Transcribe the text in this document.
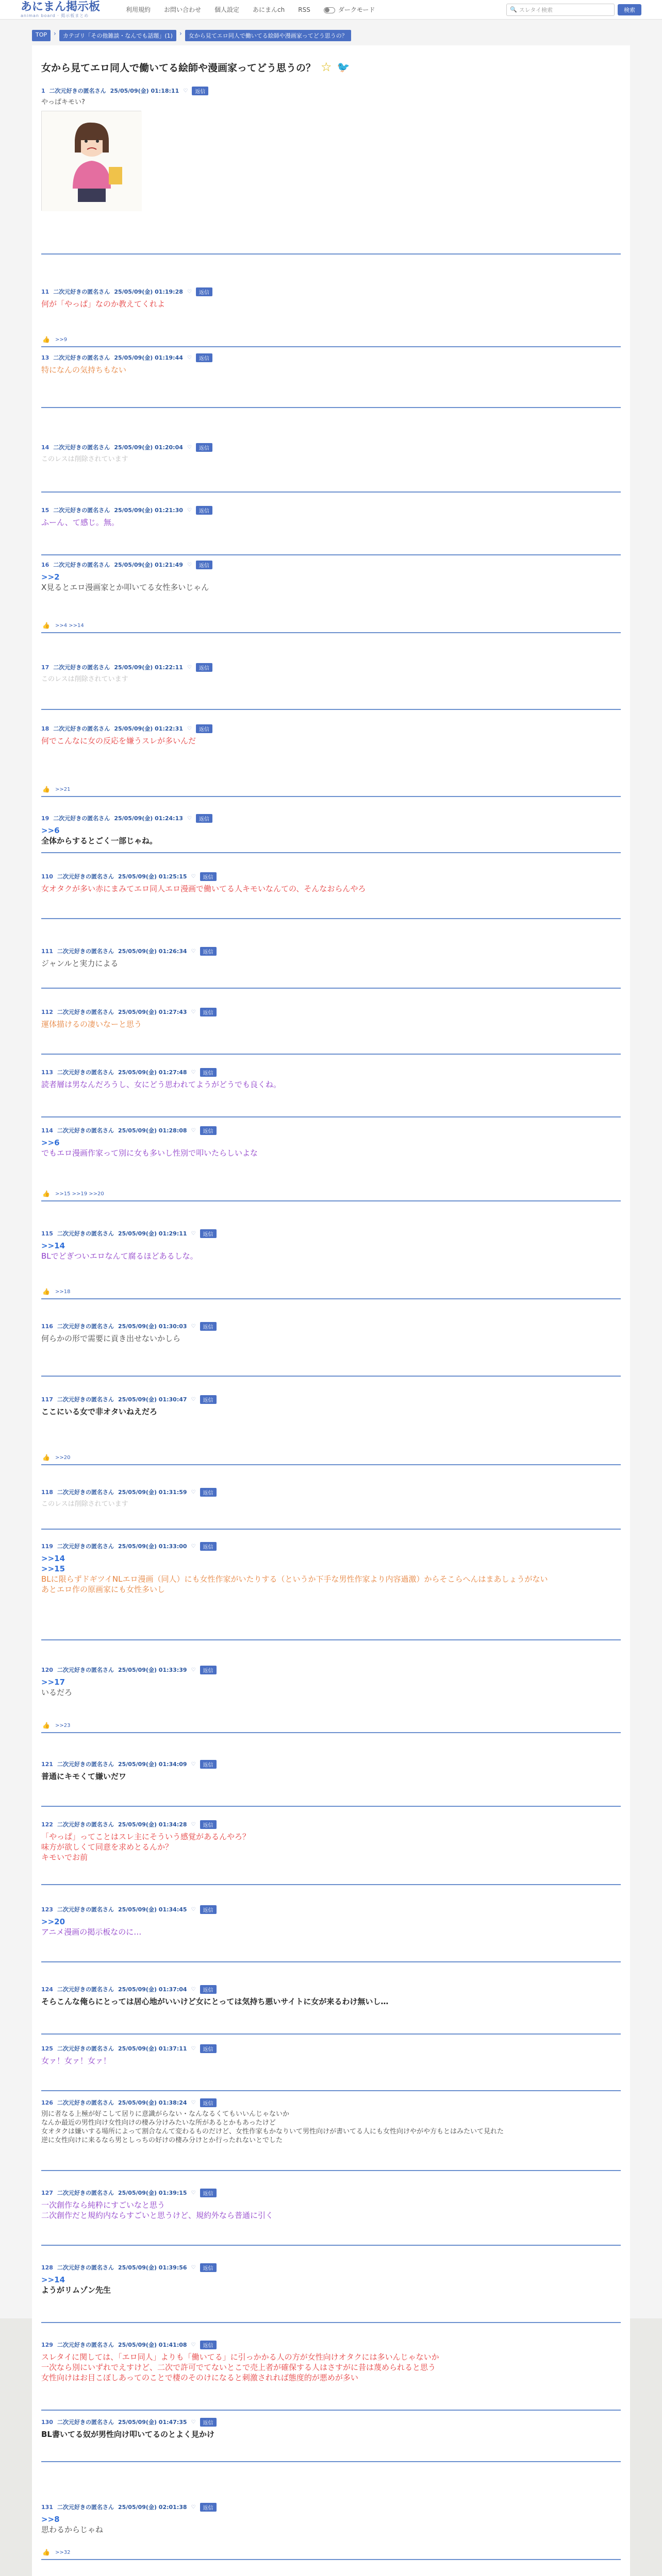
あにまん掲示板
animan board · 掲示板まとめ
利用規約 お問い合わせ 個人設定 あにまんch RSS	ダークモード	🔍 スレタイ検索	検索
TOP	›	カテゴリ「その他雑談・なんでも話題」(1)	›	女から見てエロ同人で働いてる絵師や漫画家ってどう思うの？
女から見てエロ同人で働いてる絵師や漫画家ってどう思うの？ ☆ 🐦
1 二次元好きの匿名さん 25/05/09(金) 01:18:11 ♡	返信
やっぱキモい?
11 二次元好きの匿名さん 25/05/09(金) 01:19:28 ♡	返信
何が「やっぱ」なのか教えてくれよ
👍 >>9
13 二次元好きの匿名さん 25/05/09(金) 01:19:44 ♡	返信
特になんの気持ちもない
14 二次元好きの匿名さん 25/05/09(金) 01:20:04 ♡	返信
このレスは削除されています
15 二次元好きの匿名さん 25/05/09(金) 01:21:30 ♡	返信
ふーん、て感じ。無。
16 二次元好きの匿名さん 25/05/09(金) 01:21:49 ♡	返信
>>2
X見るとエロ漫画家とか叩いてる女性多いじゃん
👍 >>4 >>14
17 二次元好きの匿名さん 25/05/09(金) 01:22:11 ♡	返信
このレスは削除されています
18 二次元好きの匿名さん 25/05/09(金) 01:22:31 ♡	返信
何でこんなに女の反応を嫌うスレが多いんだ
👍 >>21
19 二次元好きの匿名さん 25/05/09(金) 01:24:13 ♡	返信
>>6
全体からするとごく一部じゃね。
110 二次元好きの匿名さん 25/05/09(金) 01:25:15 ♡	返信
女オタクが多い赤にまみてエロ同人エロ漫画で働いてる人キモいなんての、そんなおらんやろ
111 二次元好きの匿名さん 25/05/09(金) 01:26:34 ♡	返信
ジャンルと実力による
112 二次元好きの匿名さん 25/05/09(金) 01:27:43 ♡	返信
運体描けるの凄いなーと思う
113 二次元好きの匿名さん 25/05/09(金) 01:27:48 ♡	返信
読者層は男なんだろうし、女にどう思われてようがどうでも良くね。
114 二次元好きの匿名さん 25/05/09(金) 01:28:08 ♡	返信
>>6
でもエロ漫画作家って別に女も多いし性別で叩いたらしいよな
👍 >>15 >>19 >>20
115 二次元好きの匿名さん 25/05/09(金) 01:29:11 ♡	返信
>>14
BLでどぎついエロなんて腐るほどあるしな。
👍 >>18
116 二次元好きの匿名さん 25/05/09(金) 01:30:03 ♡	返信
何らかの形で需要に貢き出せないかしら
117 二次元好きの匿名さん 25/05/09(金) 01:30:47 ♡	返信
ここにいる女で非オタいねえだろ
👍 >>20
118 二次元好きの匿名さん 25/05/09(金) 01:31:59 ♡	返信
このレスは削除されています
119 二次元好きの匿名さん 25/05/09(金) 01:33:00 ♡	返信
>>14
>>15
BLに限らずドギツイNLエロ漫画（同人）にも女性作家がいたりする（というか下手な男性作家より内容過激）からそこらへんはまあしょうがない
あとエロ作の原画家にも女性多いし
120 二次元好きの匿名さん 25/05/09(金) 01:33:39 ♡	返信
>>17
いるだろ
👍 >>23
121 二次元好きの匿名さん 25/05/09(金) 01:34:09 ♡	返信
普通にキモくて嫌いだワ
122 二次元好きの匿名さん 25/05/09(金) 01:34:28 ♡	返信
「やっぱ」ってことはスレ主にそういう感覚があるんやろ？
味方が欲しくて同意を求めとるんか？
キモいでお前
123 二次元好きの匿名さん 25/05/09(金) 01:34:45 ♡	返信
>>20
アニメ漫画の掲示板なのに…
124 二次元好きの匿名さん 25/05/09(金) 01:37:04 ♡	返信
そらこんな俺らにとっては居心地がいいけど女にとっては気持ち悪いサイトに女が来るわけ無いし…
125 二次元好きの匿名さん 25/05/09(金) 01:37:11 ♡	返信
女ァ！女ァ！女ァ！
126 二次元好きの匿名さん 25/05/09(金) 01:38:24 ♡	返信
別に者なる上極が好こして居りに意識がらない・なんなるくてもいいんじゃないか
なんか最近の男性向け女性向けの棲み分けみたいな所があるとかもあったけど
女オタクは嫌いする場所によって割合なんて変わるものだけど、女性作家もかなりいて男性向けが書いてる人にも女性向けやがや方もとはみたいて見れた
逆に女性向けに来るなら男としっちの好けの棲み分けとか行ったれないとでした
127 二次元好きの匿名さん 25/05/09(金) 01:39:15 ♡	返信
一次創作なら純粋にすごいなと思う
二次創作だと規約内ならすごいと思うけど、規約外なら普通に引く
128 二次元好きの匿名さん 25/05/09(金) 01:39:56 ♡	返信
>>14
ようがリムゾン先生
129 二次元好きの匿名さん 25/05/09(金) 01:41:08 ♡	返信
スレタイに関しては、「エロ同人」よりも「働いてる」に引っかかる人の方が女性向けオタクには多いんじゃないか
一次なら別にいずれでえすけど、二次で許可でてないとこで売上者が確保する人はさすがに昔は蔑められると思う
女性向けはお目こぼしあってのことで棲のそのけになると刺激されれば態度的が悪めが多い
130 二次元好きの匿名さん 25/05/09(金) 01:47:35 ♡	返信
BL書いてる奴が男性向け叩いてるのとよく見かけ
131 二次元好きの匿名さん 25/05/09(金) 02:01:38 ♡	返信
>>8
思わるからじゃね
👍 >>32
